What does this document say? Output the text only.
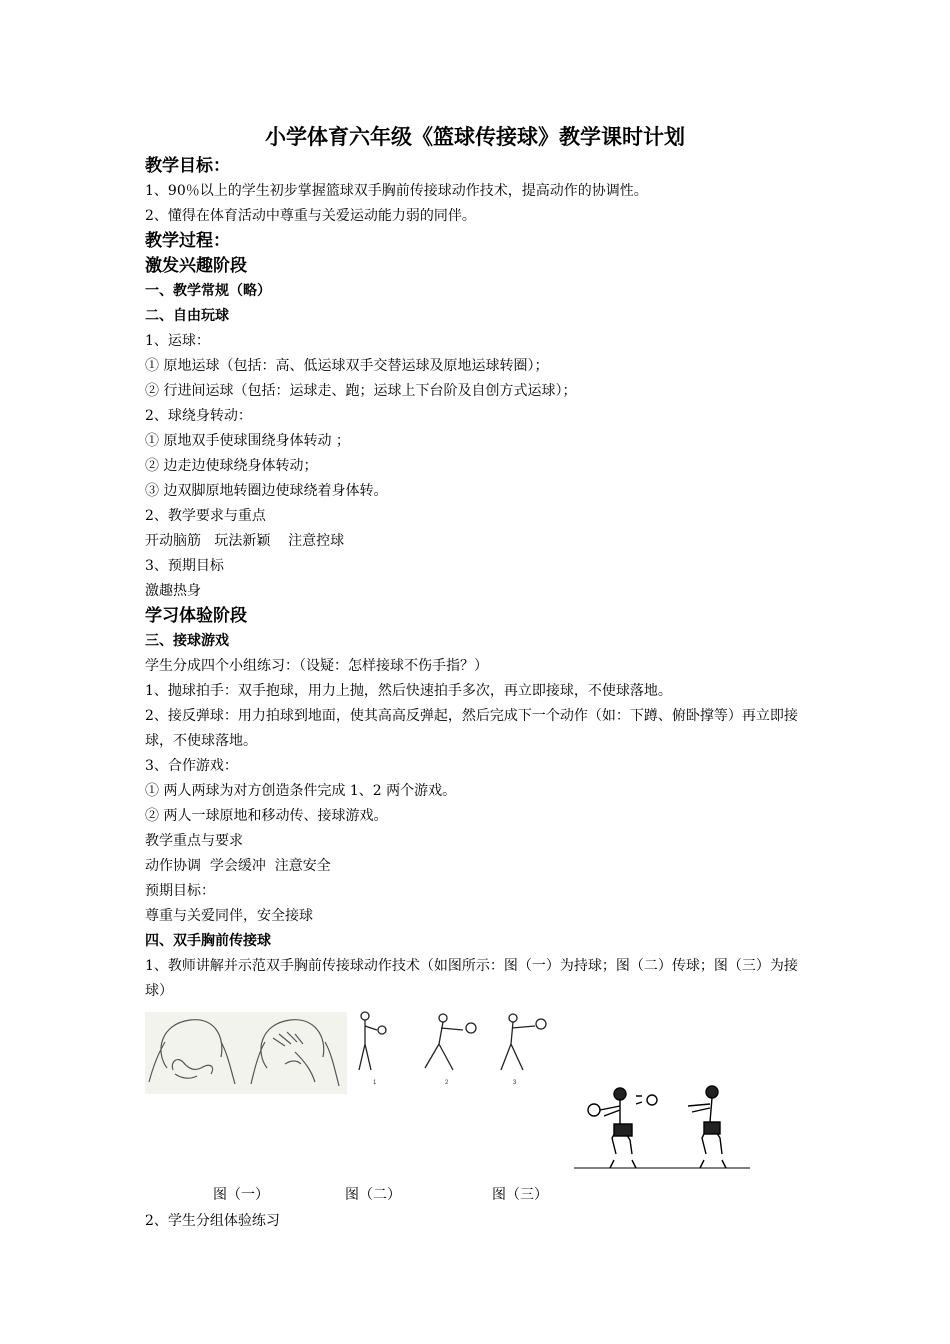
小学体育六年级《篮球传接球》教学课时计划
教学目标：
1、90％以上的学生初步掌握篮球双手胸前传接球动作技术，提高动作的协调性。
2、懂得在体育活动中尊重与关爱运动能力弱的同伴。
教学过程：
激发兴趣阶段
一、教学常规（略）
二、自由玩球
1、运球：
① 原地运球（包括：高、低运球双手交替运球及原地运球转圈）；
② 行进间运球（包括：运球走、跑；运球上下台阶及自创方式运球）；
2、球绕身转动：
① 原地双手使球围绕身体转动 ；
② 边走边使球绕身体转动；
③ 边双脚原地转圈边使球绕着身体转。
2、教学要求与重点
开动脑筋   玩法新颖    注意控球
3、预期目标
激趣热身
学习体验阶段
三、接球游戏
学生分成四个小组练习：（设疑：怎样接球不伤手指？）
1、抛球拍手：双手抱球，用力上抛，然后快速拍手多次，再立即接球，不使球落地。
2、接反弹球：用力拍球到地面，使其高高反弹起，然后完成下一个动作（如：下蹲、俯卧撑等）再立即接球，不使球落地。
3、合作游戏：
① 两人两球为对方创造条件完成 1、2 两个游戏。
② 两人一球原地和移动传、接球游戏。
教学重点与要求
动作协调  学会缓冲  注意安全
预期目标：
尊重与关爱同伴，安全接球
四、双手胸前传接球
1、教师讲解并示范双手胸前传接球动作技术（如图所示：图（一）为持球；图（二）传球；图（三）为接球）
1	2	3
图（一）	图（二）	图（三）
2、学生分组体验练习
